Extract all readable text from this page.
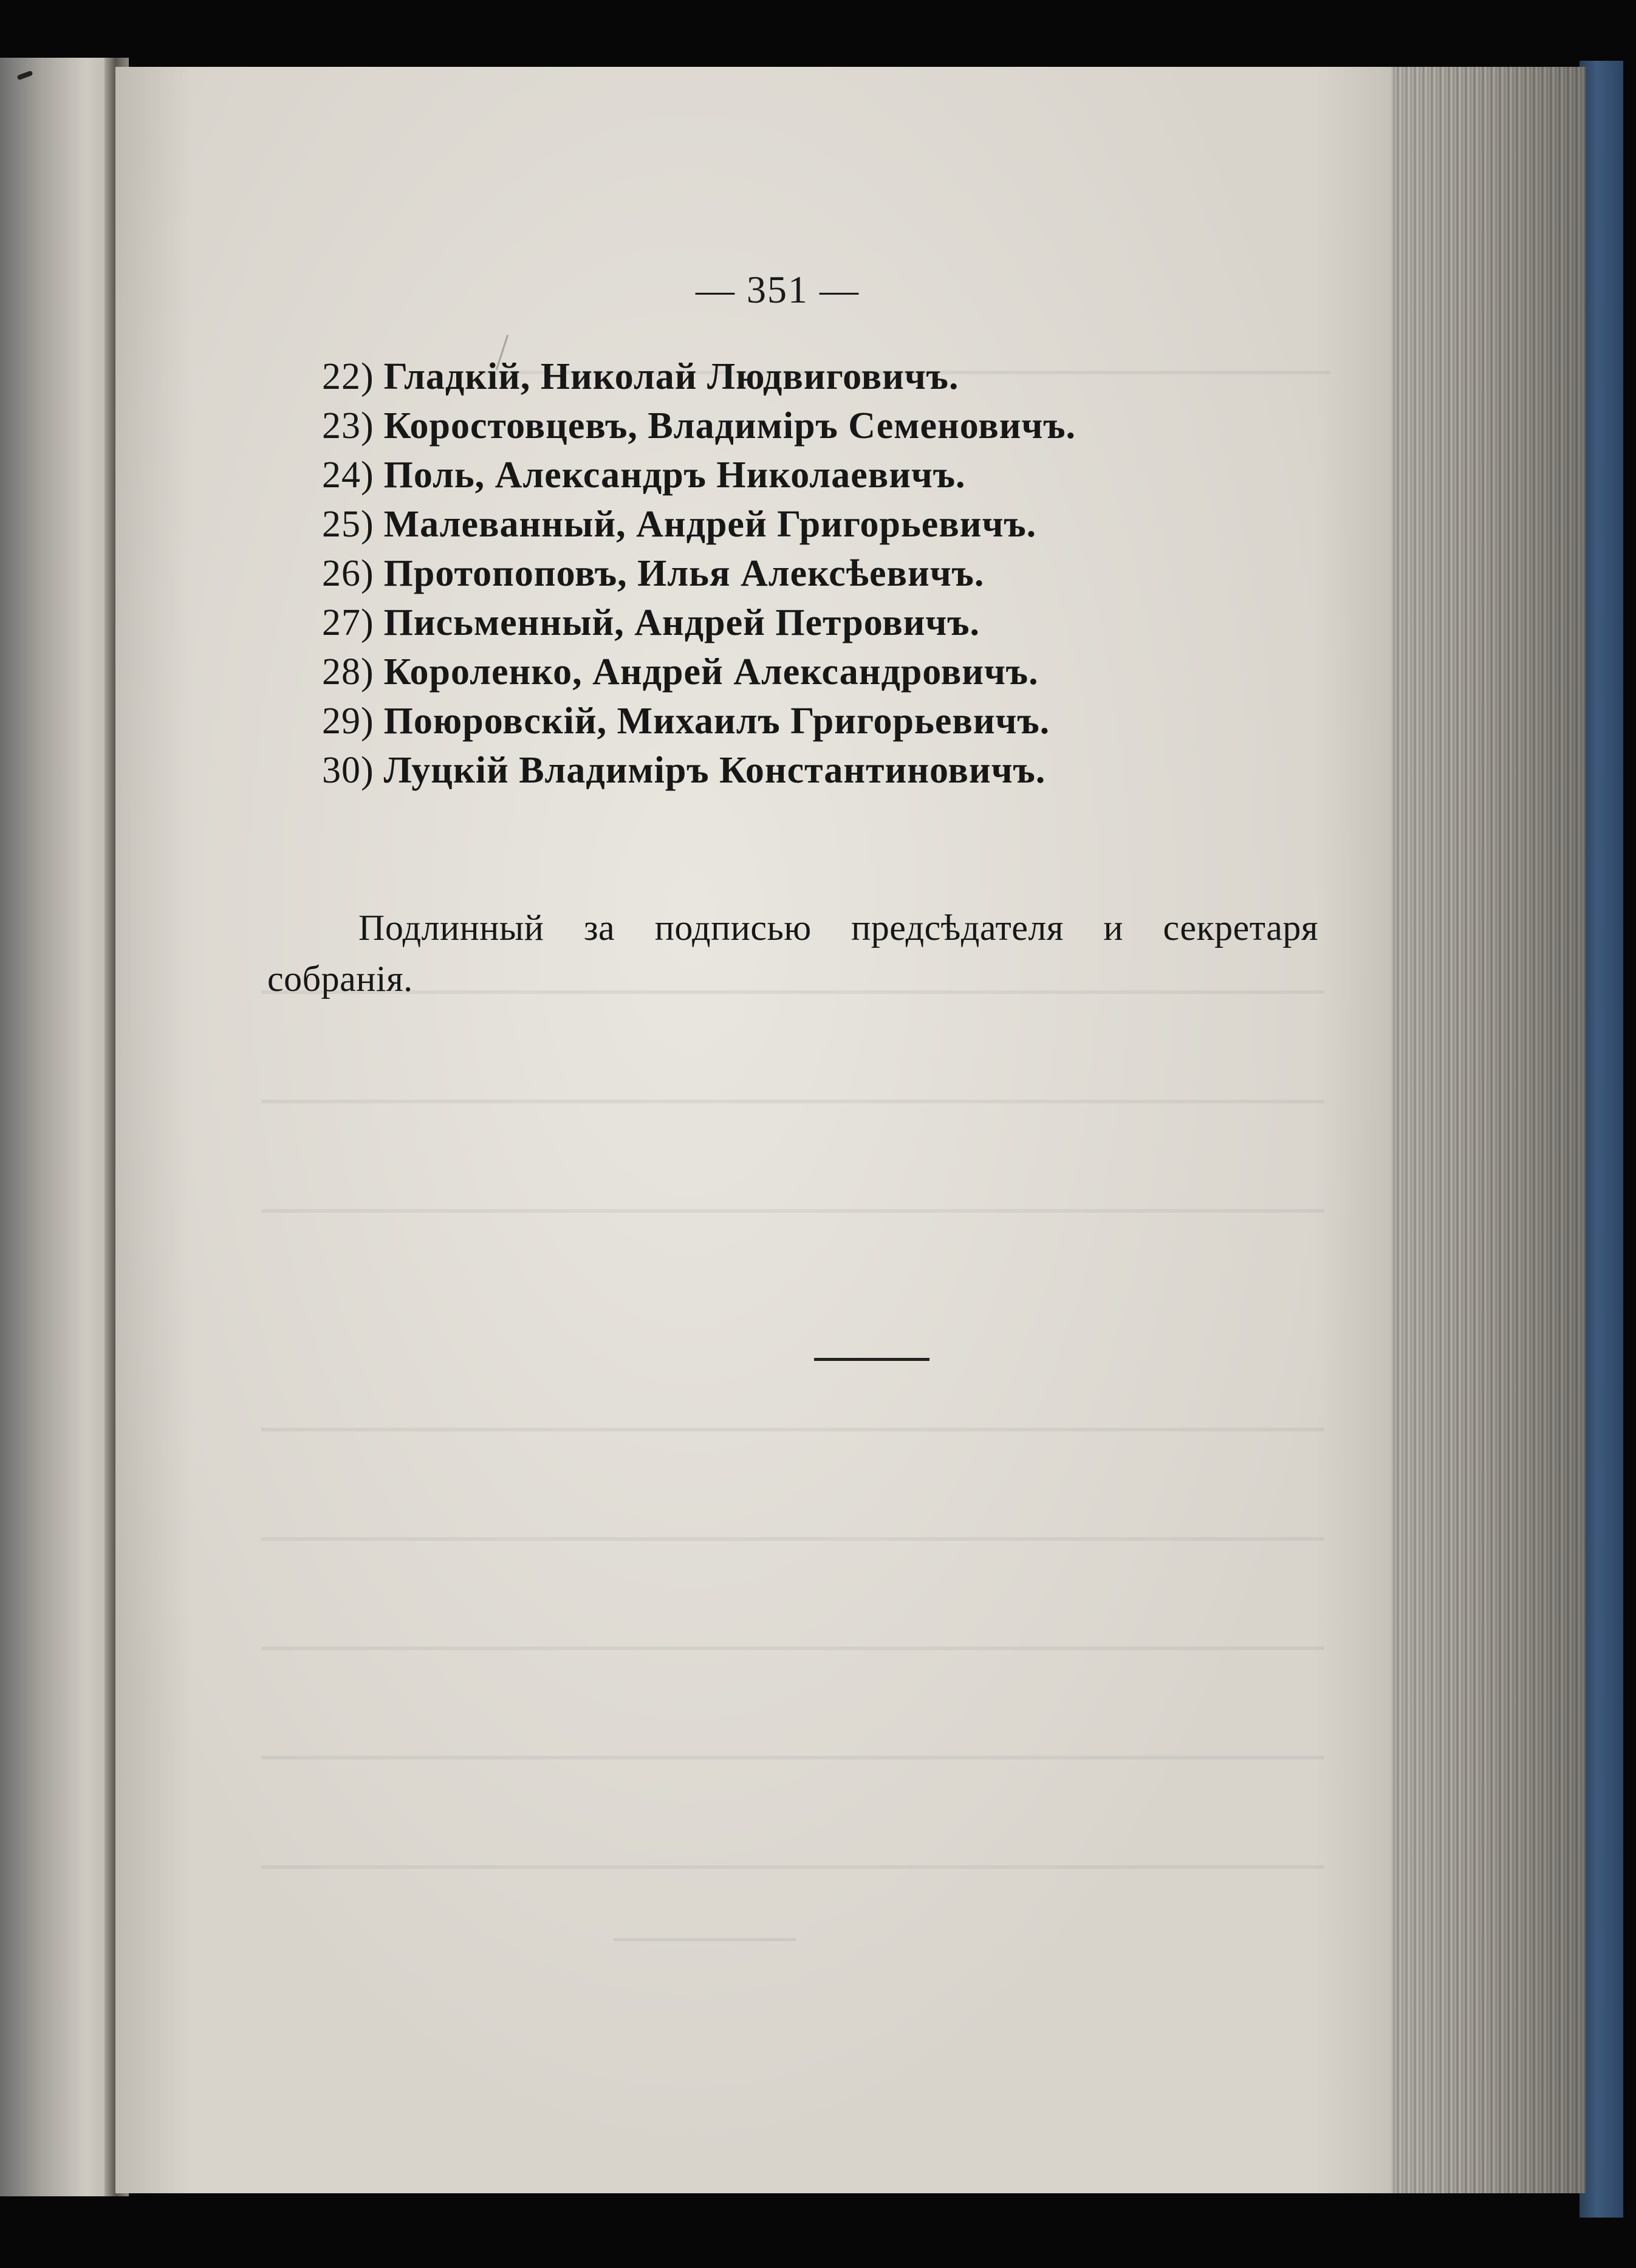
— 351 —
22) Гладкiй, Николай Людвиговичъ.
23) Коростовцевъ, Владимiръ Семеновичъ.
24) Поль, Александръ Николаевичъ.
25) Малеванный, Андрей Григорьевичъ.
26) Протопоповъ, Илья Алексѣевичъ.
27) Письменный, Андрей Петровичъ.
28) Короленко, Андрей Александровичъ.
29) Поюровскiй, Михаилъ Григорьевичъ.
30) Луцкiй Владимiръ Константиновичъ.

Подлинный за подписью предсѣдателя и секретаря собранiя.
